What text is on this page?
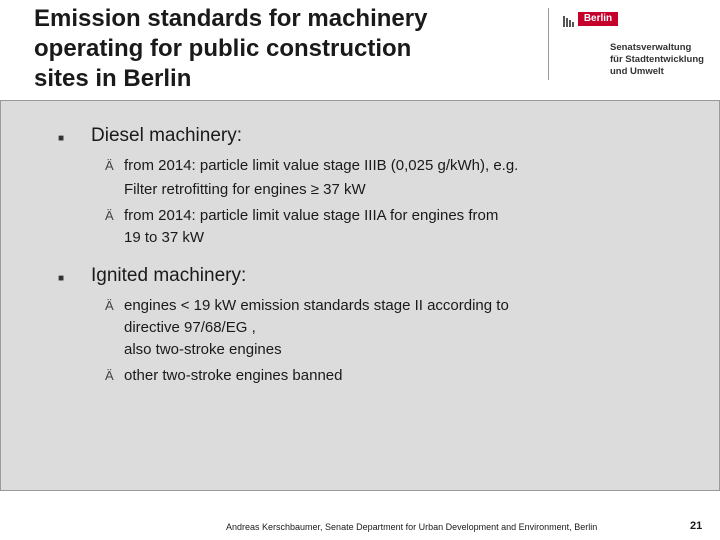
Emission standards for machinery
operating for public construction
sites in Berlin
Berlin
Senatsverwaltung
für Stadtentwicklung
und Umwelt
■ Diesel machinery:
Ä from 2014: particle limit value stage IIIB (0,025 g/kWh), e.g.
Filter retrofitting for engines ≥ 37 kW
Ä from 2014: particle limit value stage IIIA for engines from
19 to 37 kW
■ Ignited machinery:
Ä engines < 19 kW emission standards stage II according to
directive 97/68/EG ,
also two-stroke engines
Ä other two-stroke engines banned
Andreas Kerschbaumer, Senate Department for Urban Development and Environment, Berlin	21
